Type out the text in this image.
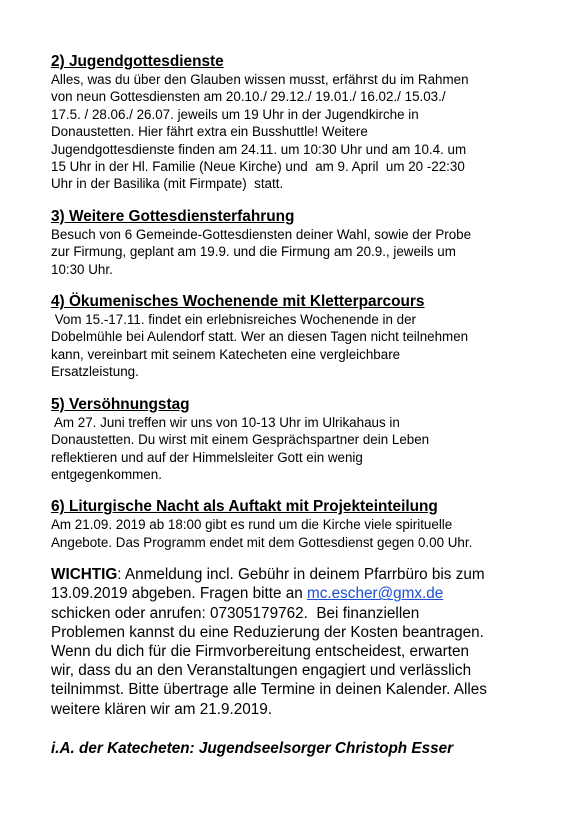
2) Jugendgottesdienste
Alles, was du über den Glauben wissen musst, erfährst du im Rahmen
von neun Gottesdiensten am 20.10./ 29.12./ 19.01./ 16.02./ 15.03./
17.5. / 28.06./ 26.07. jeweils um 19 Uhr in der Jugendkirche in
Donaustetten. Hier fährt extra ein Busshuttle! Weitere
Jugendgottesdienste finden am 24.11. um 10:30 Uhr und am 10.4. um
15 Uhr in der Hl. Familie (Neue Kirche) und  am 9. April  um 20 -22:30
Uhr in der Basilika (mit Firmpate)  statt.
3) Weitere Gottesdiensterfahrung
Besuch von 6 Gemeinde-Gottesdiensten deiner Wahl, sowie der Probe
zur Firmung, geplant am 19.9. und die Firmung am 20.9., jeweils um
10:30 Uhr.
4) Ökumenisches Wochenende mit Kletterparcours
Vom 15.-17.11. findet ein erlebnisreiches Wochenende in der
Dobelmühle bei Aulendorf statt. Wer an diesen Tagen nicht teilnehmen
kann, vereinbart mit seinem Katecheten eine vergleichbare
Ersatzleistung.
5) Versöhnungstag
Am 27. Juni treffen wir uns von 10-13 Uhr im Ulrikahaus in
Donaustetten. Du wirst mit einem Gesprächspartner dein Leben
reflektieren und auf der Himmelsleiter Gott ein wenig
entgegenkommen.
6) Liturgische Nacht als Auftakt mit Projekteinteilung
Am 21.09. 2019 ab 18:00 gibt es rund um die Kirche viele spirituelle
Angebote. Das Programm endet mit dem Gottesdienst gegen 0.00 Uhr.
WICHTIG: Anmeldung incl. Gebühr in deinem Pfarrbüro bis zum
13.09.2019 abgeben. Fragen bitte an mc.escher@gmx.de
schicken oder anrufen: 07305179762.  Bei finanziellen
Problemen kannst du eine Reduzierung der Kosten beantragen.
Wenn du dich für die Firmvorbereitung entscheidest, erwarten
wir, dass du an den Veranstaltungen engagiert und verlässlich
teilnimmst. Bitte übertrage alle Termine in deinen Kalender. Alles
weitere klären wir am 21.9.2019.
i.A. der Katecheten: Jugendseelsorger Christoph Esser
